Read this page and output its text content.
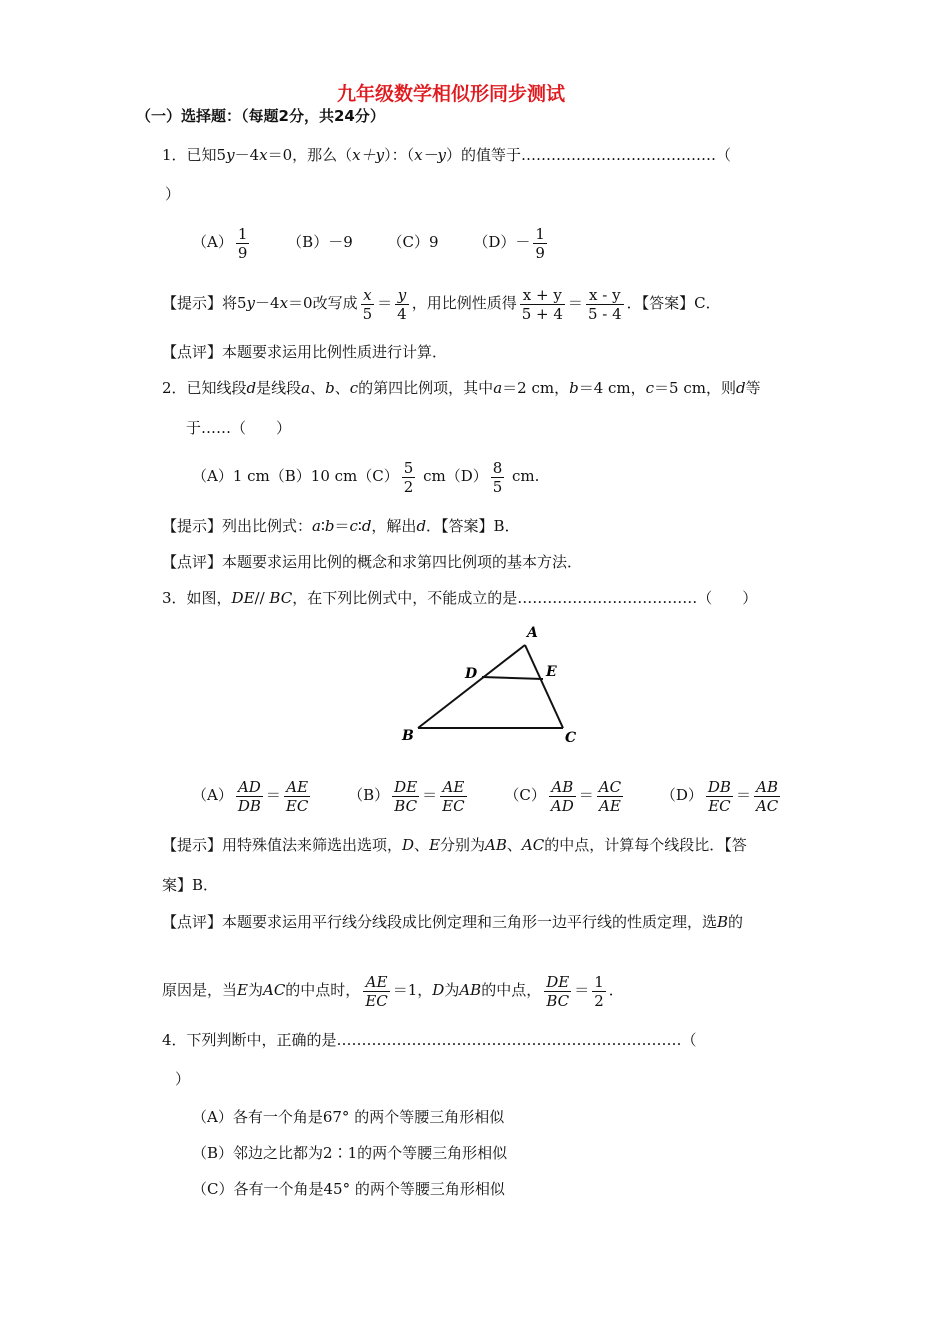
九年级数学相似形同步测试
（一）选择题：（每题2分，共24分）
1．已知5y－4x＝0，那么（x＋y）：（x－y）的值等于…………………………………（
）
$(A) \frac{1}{9}$	（B）－9 （C）9 $(D)- \frac{1}{9}$
【提示】将5y－4x＝0改写成 $\frac{x}{5} = \frac{y}{4}$ ，用比例性质得 $\frac{x + y}{5 + 4} = \frac{x - y}{5 - 4}$ ．【答案】C．
【点评】本题要求运用比例性质进行计算．
2．已知线段d是线段a、b、c的第四比例项，其中a＝2 cm，b＝4 cm，c＝5 cm，则d等
于……（　　）
（A）1 cm（B）10 $cm(C) \frac{5}{2} cm(D) \frac{8}{5}$ cm.
【提示】列出比例式：a∶b＝c∶d，解出d．【答案】B．
【点评】本题要求运用比例的概念和求第四比例项的基本方法．
3．如图，DE// BC，在下列比例式中，不能成立的是………………………………（　　）
A
D	E
B	C
$(A) \frac{AD}{DB} = \frac{AE}{EC}$	$(B) \frac{DE}{BC} = \frac{AE}{EC}$	$(C) \frac{AB}{AD} = \frac{AC}{AE}$	$(D) \frac{DB}{EC} = \frac{AB}{AC}$
【提示】用特殊值法来筛选出选项，D、E分别为AB、AC的中点，计算每个线段比．【答
案】B．
【点评】本题要求运用平行线分线段成比例定理和三角形一边平行线的性质定理，选B的
原因是，当E为AC的中点时， $\frac{AE}{EC} =1$，D为AB的中点， $\frac{DE}{BC} = \frac{1}{2}$ ．
4．下列判断中，正确的是……………………………………………………………（
）
（A）各有一个角是67° 的两个等腰三角形相似
（B）邻边之比都为2∶1的两个等腰三角形相似
（C）各有一个角是45° 的两个等腰三角形相似
